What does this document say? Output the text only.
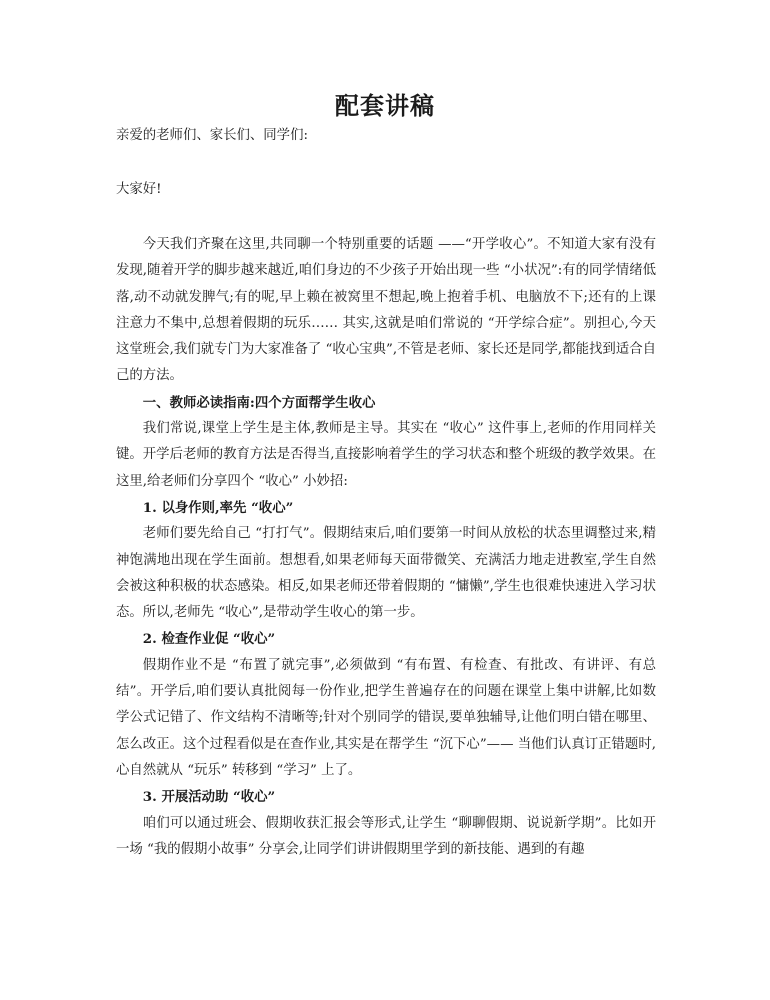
配套讲稿

亲爱的老师们、家长们、同学们:

大家好!

今天我们齐聚在这里,共同聊一个特别重要的话题 ——“开学收心”。不知道大家有没有发现,随着开学的脚步越来越近,咱们身边的不少孩子开始出现一些 “小状况”:有的同学情绪低落,动不动就发脾气;有的呢,早上赖在被窝里不想起,晚上抱着手机、电脑放不下;还有的上课注意力不集中,总想着假期的玩乐…… 其实,这就是咱们常说的 “开学综合症”。别担心,今天这堂班会,我们就专门为大家准备了 “收心宝典”,不管是老师、家长还是同学,都能找到适合自己的方法。

一、教师必读指南:四个方面帮学生收心

我们常说,课堂上学生是主体,教师是主导。其实在 “收心” 这件事上,老师的作用同样关键。开学后老师的教育方法是否得当,直接影响着学生的学习状态和整个班级的教学效果。在这里,给老师们分享四个 “收心” 小妙招:

1. 以身作则,率先 “收心”

老师们要先给自己 “打打气”。假期结束后,咱们要第一时间从放松的状态里调整过来,精神饱满地出现在学生面前。想想看,如果老师每天面带微笑、充满活力地走进教室,学生自然会被这种积极的状态感染。相反,如果老师还带着假期的 “慵懒”,学生也很难快速进入学习状态。所以,老师先 “收心”,是带动学生收心的第一步。

2. 检查作业促 “收心”

假期作业不是 “布置了就完事”,必须做到 “有布置、有检查、有批改、有讲评、有总结”。开学后,咱们要认真批阅每一份作业,把学生普遍存在的问题在课堂上集中讲解,比如数学公式记错了、作文结构不清晰等;针对个别同学的错误,要单独辅导,让他们明白错在哪里、怎么改正。这个过程看似是在查作业,其实是在帮学生 “沉下心”—— 当他们认真订正错题时,心自然就从 “玩乐” 转移到 “学习” 上了。

3. 开展活动助 “收心”

咱们可以通过班会、假期收获汇报会等形式,让学生 “聊聊假期、说说新学期”。比如开一场 “我的假期小故事” 分享会,让同学们讲讲假期里学到的新技能、遇到的有趣
